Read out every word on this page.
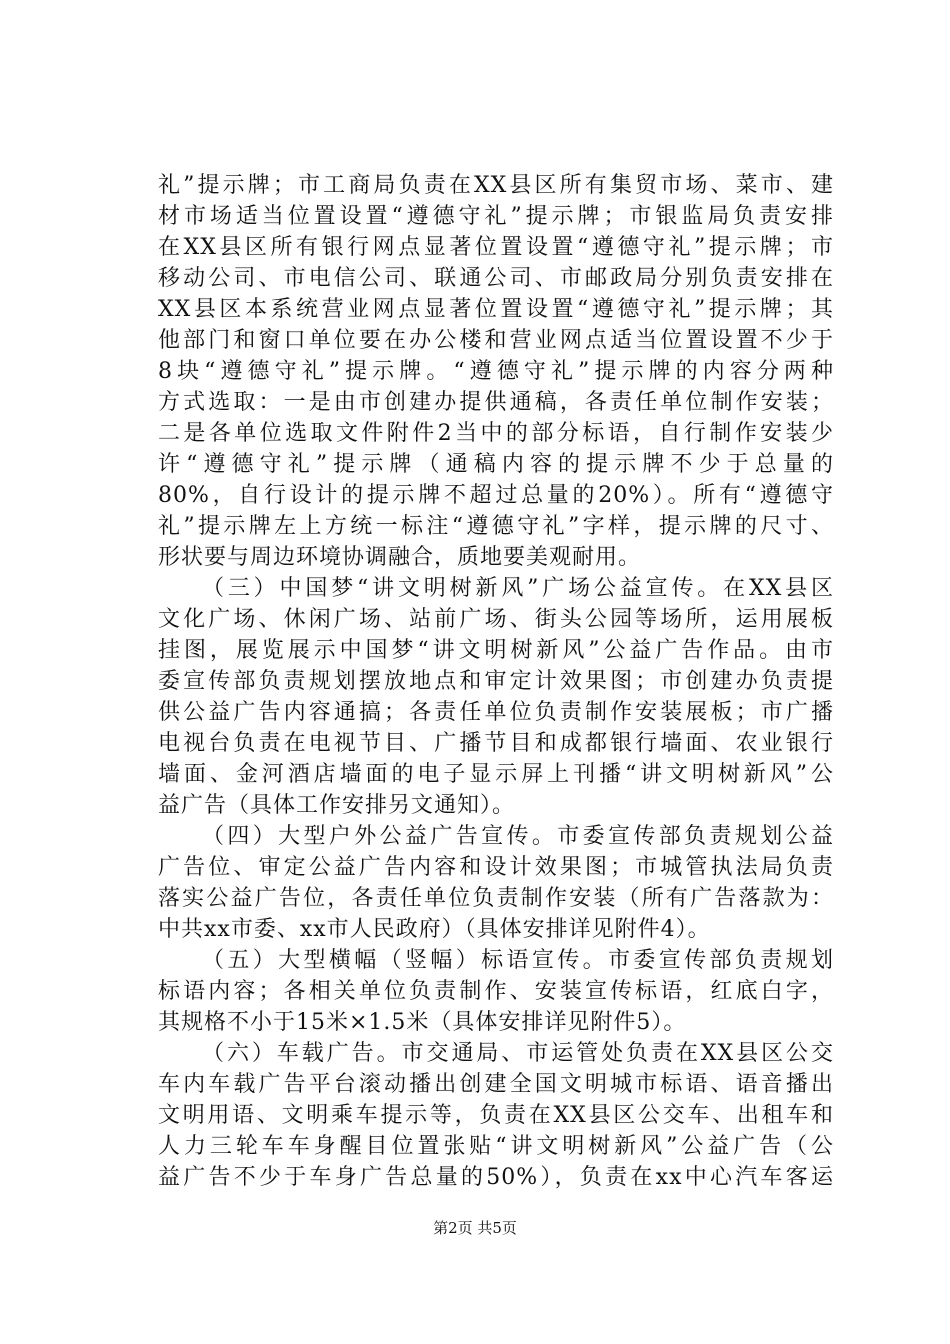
礼”提示牌；市工商局负责在XX县区所有集贸市场、菜市、建
材市场适当位置设置“遵德守礼”提示牌；市银监局负责安排
在XX县区所有银行网点显著位置设置“遵德守礼”提示牌；市
移动公司、市电信公司、联通公司、市邮政局分别负责安排在
XX县区本系统营业网点显著位置设置“遵德守礼”提示牌；其
他部门和窗口单位要在办公楼和营业网点适当位置设置不少于
8块“遵德守礼”提示牌。“遵德守礼”提示牌的内容分两种
方式选取：一是由市创建办提供通稿，各责任单位制作安装；
二是各单位选取文件附件2当中的部分标语，自行制作安装少
许“遵德守礼”提示牌（通稿内容的提示牌不少于总量的
80%，自行设计的提示牌不超过总量的20%）。所有“遵德守
礼”提示牌左上方统一标注“遵德守礼”字样，提示牌的尺寸、
形状要与周边环境协调融合，质地要美观耐用。
（三）中国梦“讲文明树新风”广场公益宣传。在XX县区
文化广场、休闲广场、站前广场、街头公园等场所，运用展板
挂图，展览展示中国梦“讲文明树新风”公益广告作品。由市
委宣传部负责规划摆放地点和审定计效果图；市创建办负责提
供公益广告内容通搞；各责任单位负责制作安装展板；市广播
电视台负责在电视节目、广播节目和成都银行墙面、农业银行
墙面、金河酒店墙面的电子显示屏上刊播“讲文明树新风”公
益广告（具体工作安排另文通知）。
（四）大型户外公益广告宣传。市委宣传部负责规划公益
广告位、审定公益广告内容和设计效果图；市城管执法局负责
落实公益广告位，各责任单位负责制作安装（所有广告落款为：
中共xx市委、xx市人民政府）（具体安排详见附件4）。
（五）大型横幅（竖幅）标语宣传。市委宣传部负责规划
标语内容；各相关单位负责制作、安装宣传标语，红底白字，
其规格不小于15米×1.5米（具体安排详见附件5）。
（六）车载广告。市交通局、市运管处负责在XX县区公交
车内车载广告平台滚动播出创建全国文明城市标语、语音播出
文明用语、文明乘车提示等，负责在XX县区公交车、出租车和
人力三轮车车身醒目位置张贴“讲文明树新风”公益广告（公
益广告不少于车身广告总量的50%），负责在xx中心汽车客运
第2页 共5页
